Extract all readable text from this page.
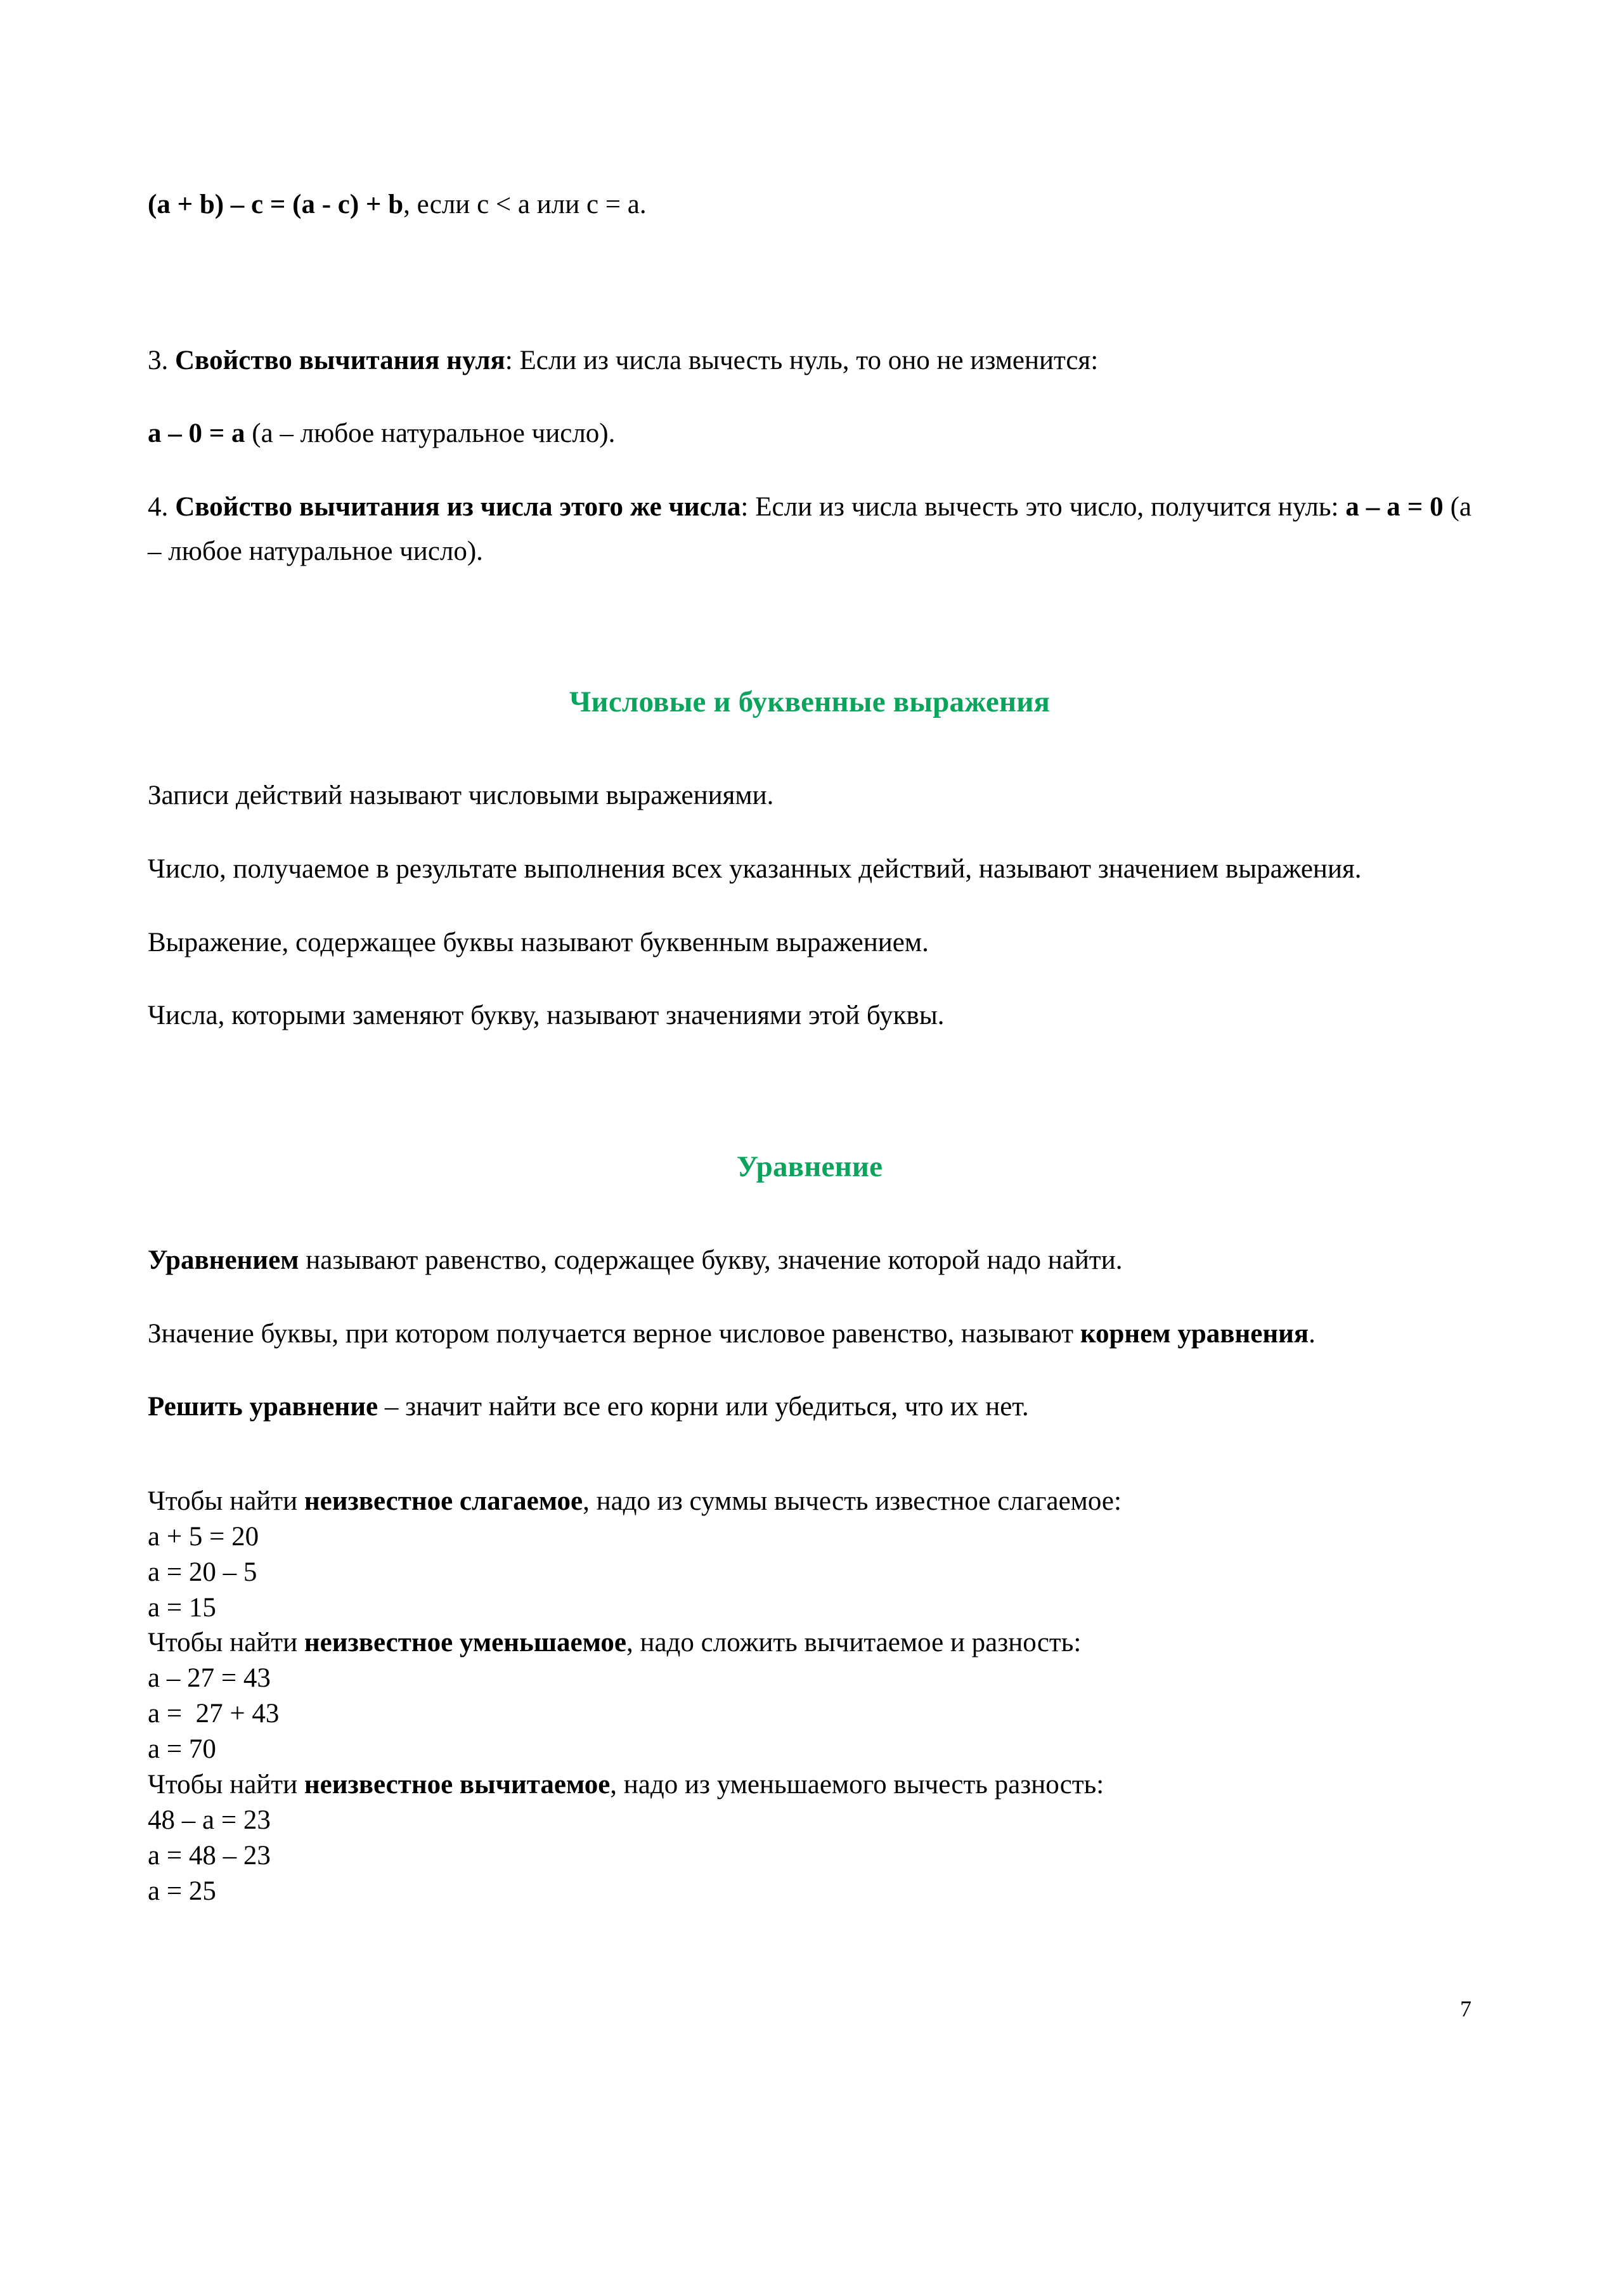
(a + b) – c = (a - c) + b, если c < a или c = a.

3. Свойство вычитания нуля: Если из числа вычесть нуль, то оно не изменится:

a – 0 = a (a – любое натуральное число).

4. Свойство вычитания из числа этого же числа: Если из числа вычесть это число, получится нуль: a – a = 0 (a – любое натуральное число).

Числовые и буквенные выражения

Записи действий называют числовыми выражениями.

Число, получаемое в результате выполнения всех указанных действий, называют значением выражения.

Выражение, содержащее буквы называют буквенным выражением.

Числа, которыми заменяют букву, называют значениями этой буквы.

Уравнение

Уравнением называют равенство, содержащее букву, значение которой надо найти.

Значение буквы, при котором получается верное числовое равенство, называют корнем уравнения.

Решить уравнение – значит найти все его корни или убедиться, что их нет.

Чтобы найти неизвестное слагаемое, надо из суммы вычесть известное слагаемое:
a + 5 = 20
a = 20 – 5
a = 15
Чтобы найти неизвестное уменьшаемое, надо сложить вычитаемое и разность:
a – 27 = 43
a =  27 + 43
a = 70
Чтобы найти неизвестное вычитаемое, надо из уменьшаемого вычесть разность:
48 – a = 23
a = 48 – 23
a = 25
7
